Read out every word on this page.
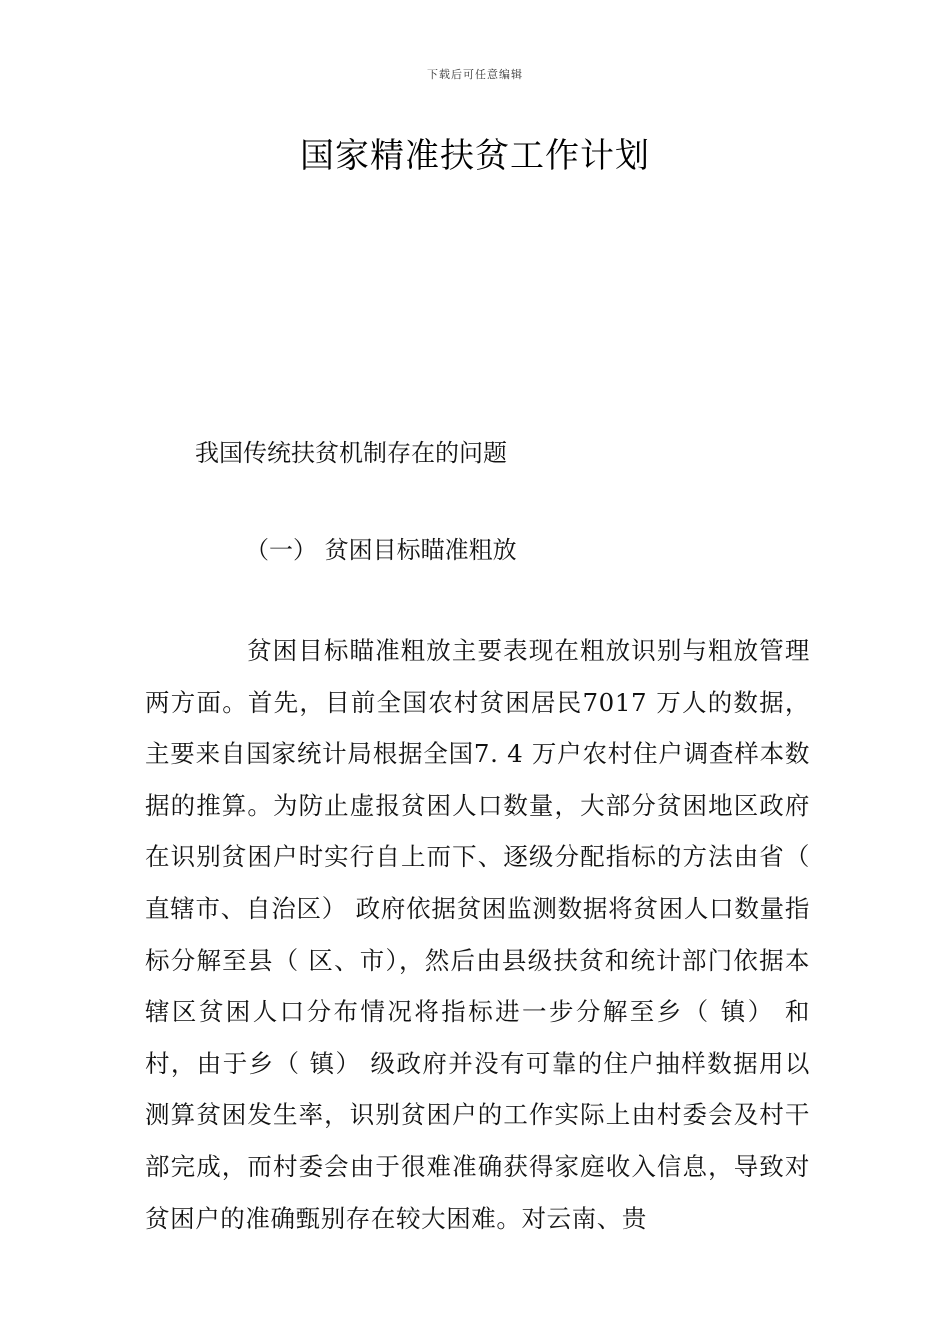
下载后可任意编辑
国家精准扶贫工作计划
我国传统扶贫机制存在的问题
（一） 贫困目标瞄准粗放

贫困目标瞄准粗放主要表现在粗放识别与粗放管理两方面。首先，目前全国农村贫困居民7017 万人的数据，主要来自国家统计局根据全国7. 4 万户农村住户调查样本数据的推算。为防止虚报贫困人口数量，大部分贫困地区政府在识别贫困户时实行自上而下、逐级分配指标的方法由省（ 直辖市、自治区） 政府依据贫困监测数据将贫困人口数量指标分解至县（ 区、市），然后由县级扶贫和统计部门依据本辖区贫困人口分布情况将指标进一步分解至乡（ 镇） 和村，由于乡（ 镇） 级政府并没有可靠的住户抽样数据用以测算贫困发生率，识别贫困户的工作实际上由村委会及村干部完成，而村委会由于很难准确获得家庭收入信息，导致对贫困户的准确甄别存在较大困难。对云南、贵
